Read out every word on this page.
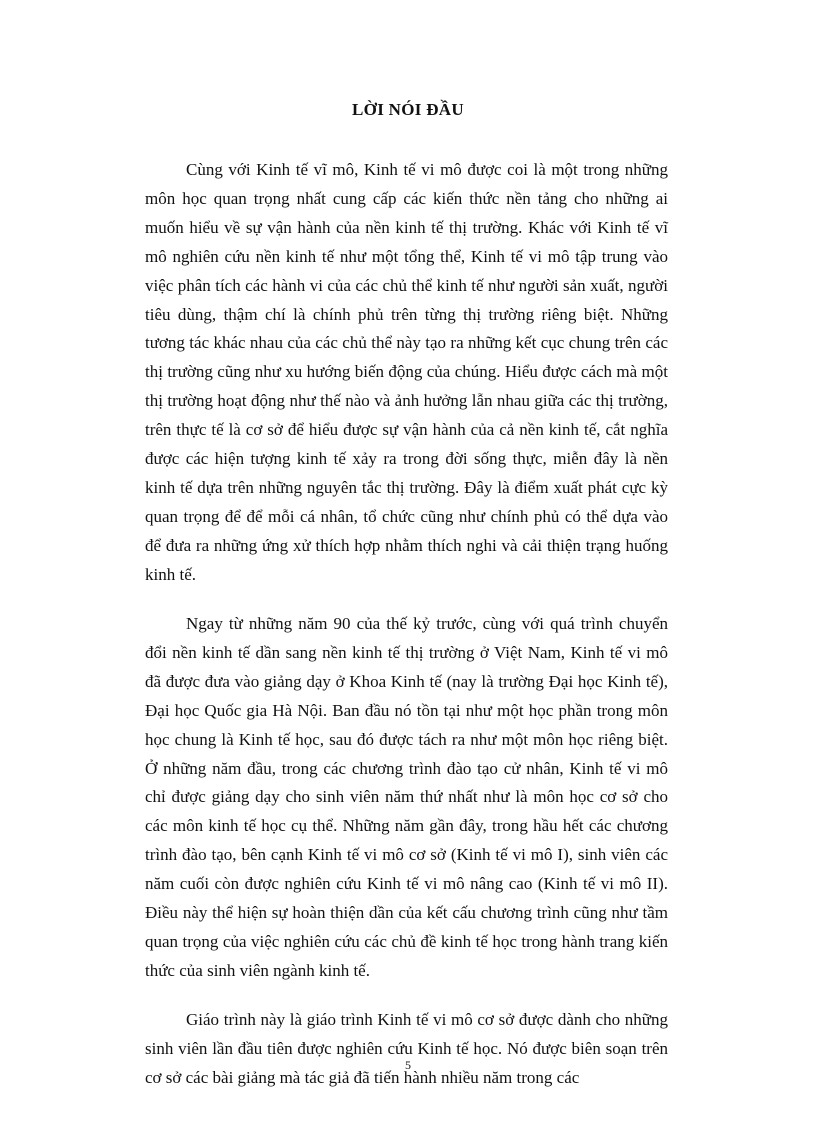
LỜI NÓI ĐẦU

Cùng với Kinh tế vĩ mô, Kinh tế vi mô được coi là một trong những môn học quan trọng nhất cung cấp các kiến thức nền tảng cho những ai muốn hiểu về sự vận hành của nền kinh tế thị trường. Khác với Kinh tế vĩ mô nghiên cứu nền kinh tế như một tổng thể, Kinh tế vi mô tập trung vào việc phân tích các hành vi của các chủ thể kinh tế như người sản xuất, người tiêu dùng, thậm chí là chính phủ trên từng thị trường riêng biệt. Những tương tác khác nhau của các chủ thể này tạo ra những kết cục chung trên các thị trường cũng như xu hướng biến động của chúng. Hiểu được cách mà một thị trường hoạt động như thế nào và ảnh hưởng lẫn nhau giữa các thị trường, trên thực tế là cơ sở để hiểu được sự vận hành của cả nền kinh tế, cắt nghĩa được các hiện tượng kinh tế xảy ra trong đời sống thực, miễn đây là nền kinh tế dựa trên những nguyên tắc thị trường. Đây là điểm xuất phát cực kỳ quan trọng để để mỗi cá nhân, tổ chức cũng như chính phủ có thể dựa vào để đưa ra những ứng xử thích hợp nhằm thích nghi và cải thiện trạng huống kinh tế.

Ngay từ những năm 90 của thế kỷ trước, cùng với quá trình chuyển đổi nền kinh tế dần sang nền kinh tế thị trường ở Việt Nam, Kinh tế vi mô đã được đưa vào giảng dạy ở Khoa Kinh tế (nay là trường Đại học Kinh tế), Đại học Quốc gia Hà Nội. Ban đầu nó tồn tại như một học phần trong môn học chung là Kinh tế học, sau đó được tách ra như một môn học riêng biệt. Ở những năm đầu, trong các chương trình đào tạo cử nhân, Kinh tế vi mô chỉ được giảng dạy cho sinh viên năm thứ nhất như là môn học cơ sở cho các môn kinh tế học cụ thể. Những năm gần đây, trong hầu hết các chương trình đào tạo, bên cạnh Kinh tế vi mô cơ sở (Kinh tế vi mô I), sinh viên các năm cuối còn được nghiên cứu Kinh tế vi mô nâng cao (Kinh tế vi mô II). Điều này thể hiện sự hoàn thiện dần của kết cấu chương trình cũng như tầm quan trọng của việc nghiên cứu các chủ đề kinh tế học trong hành trang kiến thức của sinh viên ngành kinh tế.

Giáo trình này là giáo trình Kinh tế vi mô cơ sở được dành cho những sinh viên lần đầu tiên được nghiên cứu Kinh tế học. Nó được biên soạn trên cơ sở các bài giảng mà tác giả đã tiến hành nhiều năm trong các

5
